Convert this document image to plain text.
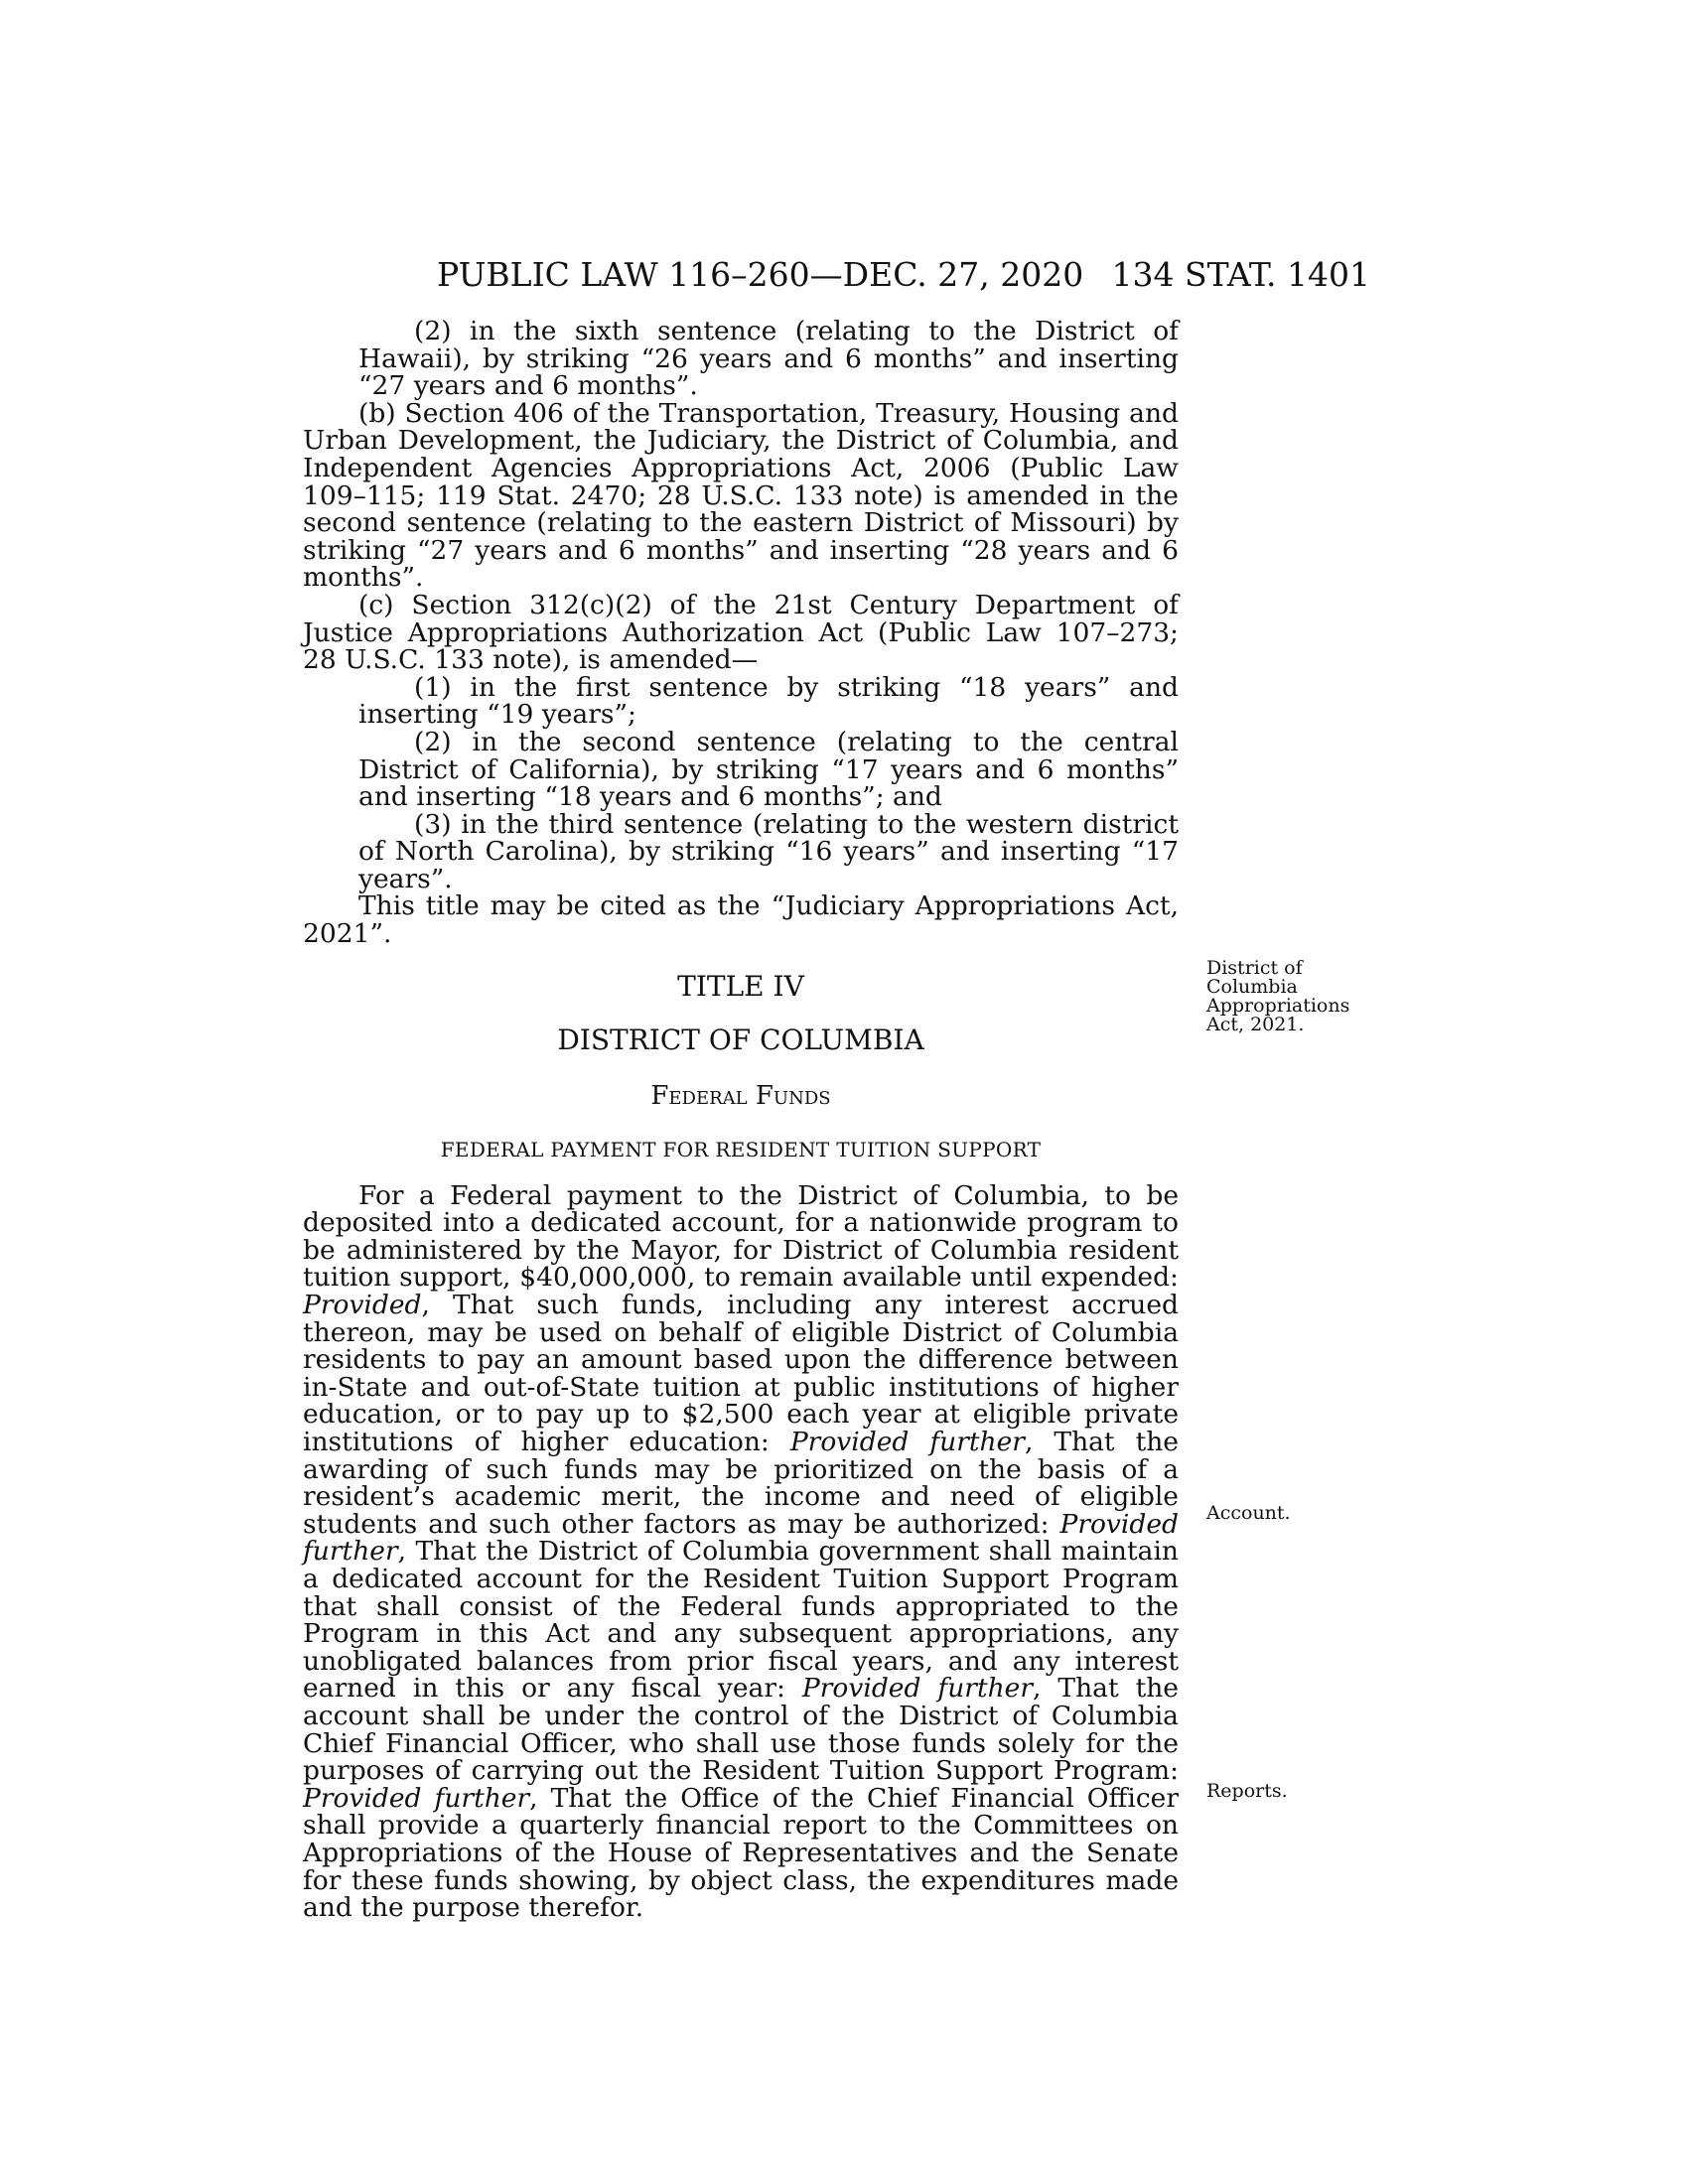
PUBLIC LAW 116–260—DEC. 27, 2020 134 STAT. 1401

(2) in the sixth sentence (relating to the District of Hawaii), by striking “26 years and 6 months” and inserting “27 years and 6 months”.

(b) Section 406 of the Transportation, Treasury, Housing and Urban Development, the Judiciary, the District of Columbia, and Independent Agencies Appropriations Act, 2006 (Public Law 109–115; 119 Stat. 2470; 28 U.S.C. 133 note) is amended in the second sentence (relating to the eastern District of Missouri) by striking “27 years and 6 months” and inserting “28 years and 6 months”.

(c) Section 312(c)(2) of the 21st Century Department of Justice Appropriations Authorization Act (Public Law 107–273; 28 U.S.C. 133 note), is amended—

(1) in the first sentence by striking “18 years” and inserting “19 years”;

(2) in the second sentence (relating to the central District of California), by striking “17 years and 6 months” and inserting “18 years and 6 months”; and

(3) in the third sentence (relating to the western district of North Carolina), by striking “16 years” and inserting “17 years”.

This title may be cited as the “Judiciary Appropriations Act, 2021”.

TITLE IV
DISTRICT OF COLUMBIA
Federal Funds
FEDERAL PAYMENT FOR RESIDENT TUITION SUPPORT

For a Federal payment to the District of Columbia, to be deposited into a dedicated account, for a nationwide program to be administered by the Mayor, for District of Columbia resident tuition support, $40,000,000, to remain available until expended: Provided, That such funds, including any interest accrued thereon, may be used on behalf of eligible District of Columbia residents to pay an amount based upon the difference between in-State and out-of-State tuition at public institutions of higher education, or to pay up to $2,500 each year at eligible private institutions of higher education: Provided further, That the awarding of such funds may be prioritized on the basis of a resident’s academic merit, the income and need of eligible students and such other factors as may be authorized: Provided further, That the District of Columbia government shall maintain a dedicated account for the Resident Tuition Support Program that shall consist of the Federal funds appropriated to the Program in this Act and any subsequent appropriations, any unobligated balances from prior fiscal years, and any interest earned in this or any fiscal year: Provided further, That the account shall be under the control of the District of Columbia Chief Financial Officer, who shall use those funds solely for the purposes of carrying out the Resident Tuition Support Program: Provided further, That the Office of the Chief Financial Officer shall provide a quarterly financial report to the Committees on Appropriations of the House of Representatives and the Senate for these funds showing, by object class, the expenditures made and the purpose therefor.

District of Columbia Appropriations Act, 2021.
Account.
Reports.
